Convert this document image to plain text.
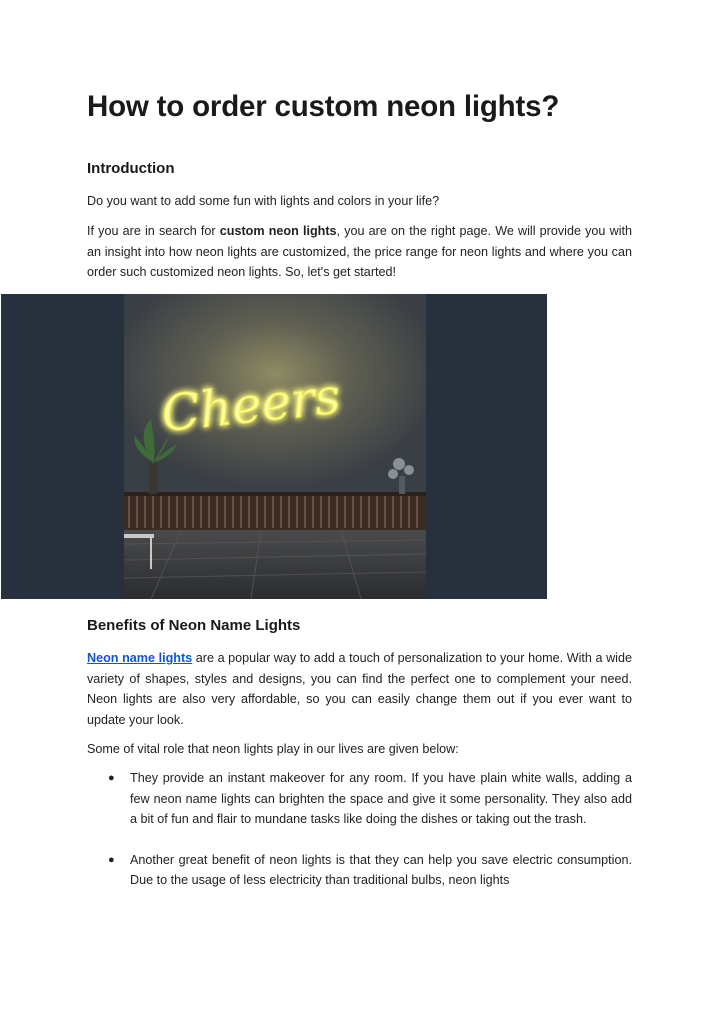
How to order custom neon lights?
Introduction

Do you want to add some fun with lights and colors in your life?

If you are in search for custom neon lights, you are on the right page. We will provide you with an insight into how neon lights are customized, the price range for neon lights and where you can order such customized neon lights. So, let's get started!

Benefits of Neon Name Lights

Neon name lights are a popular way to add a touch of personalization to your home. With a wide variety of shapes, styles and designs, you can find the perfect one to complement your need. Neon lights are also very affordable, so you can easily change them out if you ever want to update your look.

Some of vital role that neon lights play in our lives are given below:

● They provide an instant makeover for any room. If you have plain white walls, adding a few neon name lights can brighten the space and give it some personality. They also add a bit of fun and flair to mundane tasks like doing the dishes or taking out the trash.
● Another great benefit of neon lights is that they can help you save electric consumption. Due to the usage of less electricity than traditional bulbs, neon lights
Cheers
